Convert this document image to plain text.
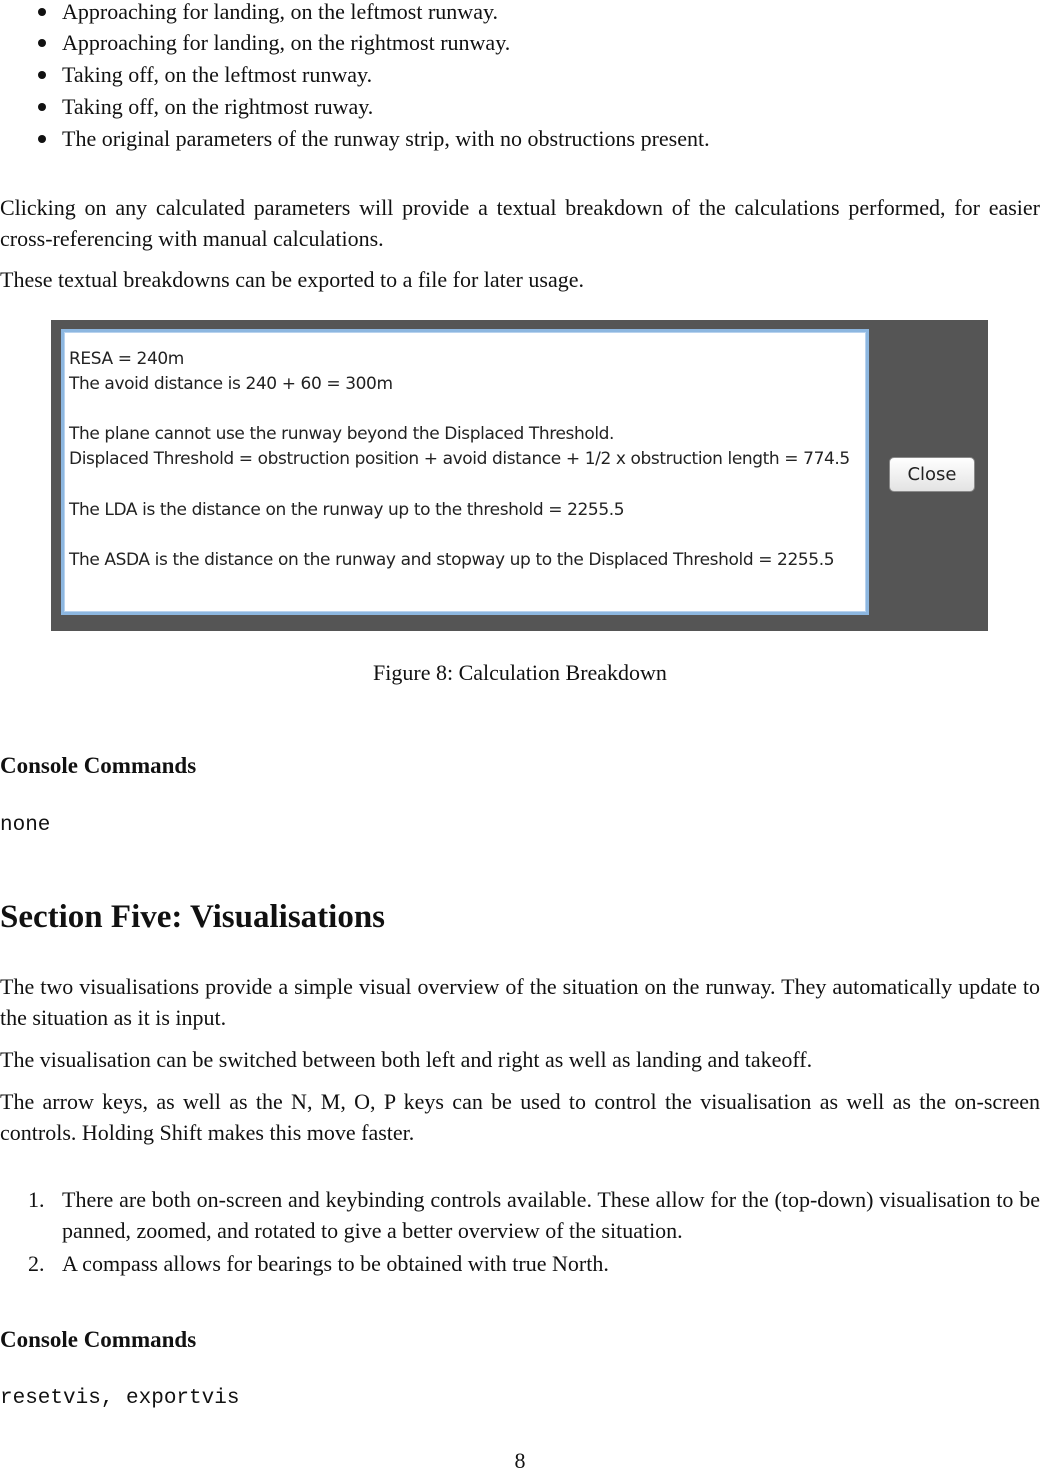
Approaching for landing, on the leftmost runway.
Approaching for landing, on the rightmost runway.
Taking off, on the leftmost runway.
Taking off, on the rightmost ruway.
The original parameters of the runway strip, with no obstructions present.

Clicking on any calculated parameters will provide a textual breakdown of the calculations performed, for easier cross-referencing with manual calculations.

These textual breakdowns can be exported to a file for later usage.

RESA = 240m
The avoid distance is 240 + 60 = 300m
The plane cannot use the runway beyond the Displaced Threshold.
Displaced Threshold = obstruction position + avoid distance + 1/2 x obstruction length = 774.5
The LDA is the distance on the runway up to the threshold = 2255.5
The ASDA is the distance on the runway and stopway up to the Displaced Threshold = 2255.5
Close
Figure 8: Calculation Breakdown
Console Commands
none
Section Five: Visualisations

The two visualisations provide a simple visual overview of the situation on the runway. They automatically update to the situation as it is input.

The visualisation can be switched between both left and right as well as landing and takeoff.

The arrow keys, as well as the N, M, O, P keys can be used to control the visualisation as well as the on-screen controls. Holding Shift makes this move faster.

1. There are both on-screen and keybinding controls available. These allow for the (top-down) visualisation to be panned, zoomed, and rotated to give a better overview of the situation.
2. A compass allows for bearings to be obtained with true North.
Console Commands
resetvis, exportvis
8
